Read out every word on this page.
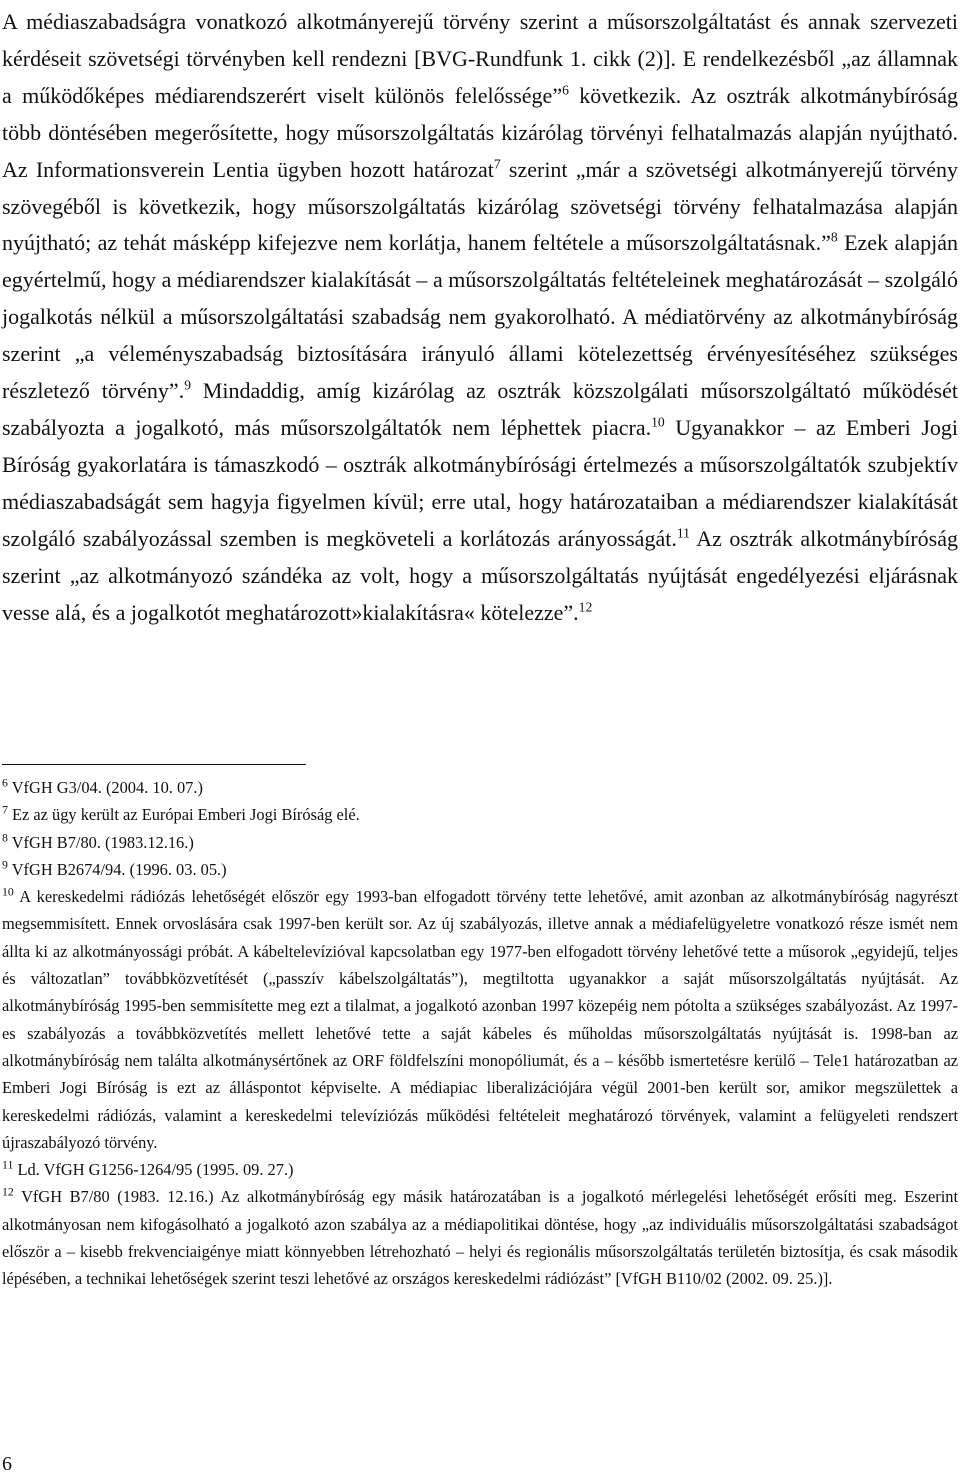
A médiaszabadságra vonatkozó alkotmányerejű törvény szerint a műsorszolgáltatást és annak szervezeti kérdéseit szövetségi törvényben kell rendezni [BVG-Rundfunk 1. cikk (2)]. E rendelkezésből „az államnak a működőképes médiarendszerért viselt különös felelőssége”$^6$ következik. Az osztrák alkotmánybíróság több döntésében megerősítette, hogy műsorszolgáltatás kizárólag törvényi felhatalmazás alapján nyújtható. Az Informationsverein Lentia ügyben hozott határozat$^7$ szerint „már a szövetségi alkotmányerejű törvény szövegéből is következik, hogy műsorszolgáltatás kizárólag szövetségi törvény felhatalmazása alapján nyújtható; az tehát másképp kifejezve nem korlátja, hanem feltétele a műsorszolgáltatásnak.”$^8$ Ezek alapján egyértelmű, hogy a médiarendszer kialakítását – a műsorszolgáltatás feltételeinek meghatározását – szolgáló jogalkotás nélkül a műsorszolgáltatási szabadság nem gyakorolható. A médiatörvény az alkotmánybíróság szerint „a véleményszabadság biztosítására irányuló állami kötelezettség érvényesítéséhez szükséges részletező törvény”.$^9$ Mindaddig, amíg kizárólag az osztrák közszolgálati műsorszolgáltató működését szabályozta a jogalkotó, más műsorszolgáltatók nem léphettek piacra.$^{10}$ Ugyanakkor – az Emberi Jogi Bíróság gyakorlatára is támaszkodó – osztrák alkotmánybírósági értelmezés a műsorszolgáltatók szubjektív médiaszabadságát sem hagyja figyelmen kívül; erre utal, hogy határozataiban a médiarendszer kialakítását szolgáló szabályozással szemben is megköveteli a korlátozás arányosságát.$^{11}$ Az osztrák alkotmánybíróság szerint „az alkotmányozó szándéka az volt, hogy a műsorszolgáltatás nyújtását engedélyezési eljárásnak vesse alá, és a jogalkotót meghatározott»kialakításra« kötelezze”.$^{12}$

$^6$ VfGH G3/04. (2004. 10. 07.)

$^7$ Ez az ügy került az Európai Emberi Jogi Bíróság elé.

$^8$ VfGH B7/80. (1983.12.16.)

$^9$ VfGH B2674/94. (1996. 03. 05.)

$^{10}$ A kereskedelmi rádiózás lehetőségét először egy 1993-ban elfogadott törvény tette lehetővé, amit azonban az alkotmánybíróság nagyrészt megsemmisített. Ennek orvoslására csak 1997-ben került sor. Az új szabályozás, illetve annak a médiafelügyeletre vonatkozó része ismét nem állta ki az alkotmányossági próbát. A kábeltelevízióval kapcsolatban egy 1977-ben elfogadott törvény lehetővé tette a műsorok „egyidejű, teljes és változatlan” továbbközvetítését („passzív kábelszolgáltatás”), megtiltotta ugyanakkor a saját műsorszolgáltatás nyújtását. Az alkotmánybíróság 1995-ben semmisítette meg ezt a tilalmat, a jogalkotó azonban 1997 közepéig nem pótolta a szükséges szabályozást. Az 1997-es szabályozás a továbbközvetítés mellett lehetővé tette a saját kábeles és műholdas műsorszolgáltatás nyújtását is. 1998-ban az alkotmánybíróság nem találta alkotmánysértőnek az ORF földfelszíni monopóliumát, és a – később ismertetésre kerülő – Tele1 határozatban az Emberi Jogi Bíróság is ezt az álláspontot képviselte. A médiapiac liberalizációjára végül 2001-ben került sor, amikor megszülettek a kereskedelmi rádiózás, valamint a kereskedelmi televíziózás működési feltételeit meghatározó törvények, valamint a felügyeleti rendszert újraszabályozó törvény.

$^{11}$ Ld. VfGH G1256-1264/95 (1995. 09. 27.)

$^{12}$ VfGH B7/80 (1983. 12.16.) Az alkotmánybíróság egy másik határozatában is a jogalkotó mérlegelési lehetőségét erősíti meg. Eszerint alkotmányosan nem kifogásolható a jogalkotó azon szabálya az a médiapolitikai döntése, hogy „az individuális műsorszolgáltatási szabadságot először a – kisebb frekvenciaigénye miatt könnyebben létrehozható – helyi és regionális műsorszolgáltatás területén biztosítja, és csak második lépésében, a technikai lehetőségek szerint teszi lehetővé az országos kereskedelmi rádiózást” [VfGH B110/02 (2002. 09. 25.)].

6
